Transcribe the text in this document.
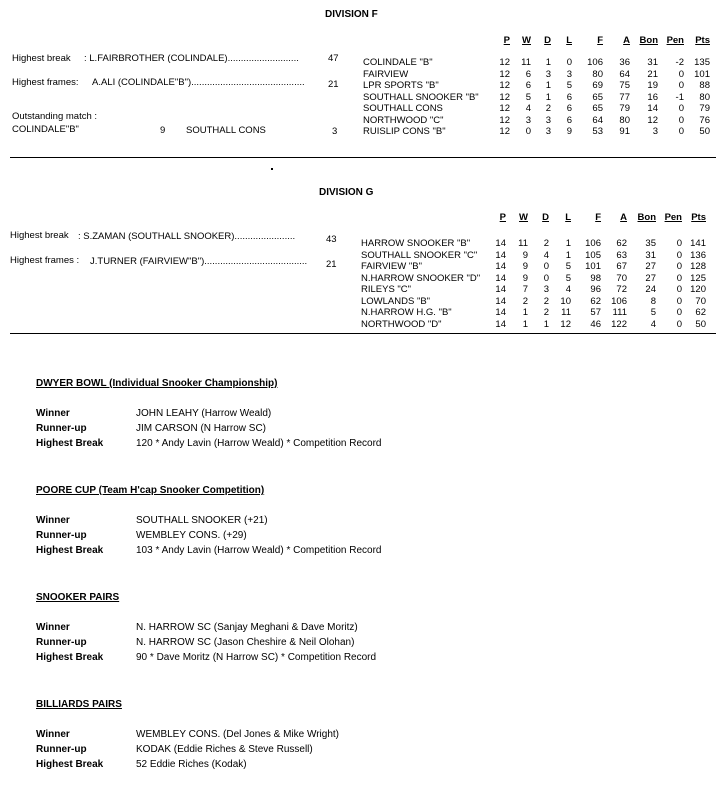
DIVISION F
Highest break : L.FAIRBROTHER (COLINDALE)...........................	47
Highest frames: A.ALI (COLINDALE"B")........................................... 21
Outstanding match :
COLINDALE"B"	9 SOUTHALL CONS	3
P	W	D	L	F	A	Bon Pen	Pts
COLINDALE "B"	12	11	1	0	106	36	31	-2	135
FAIRVIEW	12	6	3	3	80	64	21	0	101
LPR SPORTS "B"	12	6	1	5	69	75	19	0	88
SOUTHALL SNOOKER "B"	12	5	1	6	65	77	16	-1	80
SOUTHALL CONS	12	4	2	6	65	79	14	0	79
NORTHWOOD "C"	12	3	3	6	64	80	12	0	76
RUISLIP CONS "B"	12	0	3	9	53	91	3	0	50
DIVISION G
Highest break : S.ZAMAN (SOUTHALL SNOOKER).......................	43
Highest frames : J.TURNER (FAIRVIEW"B")....................................... 21
P	W	D	L	F	A	Bon Pen Pts
HARROW SNOOKER "B"	14	11	2	1	106	62	35	0 141
SOUTHALL SNOOKER "C"	14	9	4	1	105	63	31	0 136
FAIRVIEW "B"	14	9	0	5	101	67	27	0 128
N.HARROW SNOOKER "D"	14	9	0	5	98	70	27	0 125
RILEYS "C"	14	7	3	4	96	72	24	0 120
LOWLANDS "B"	14	2	2	10	62	106	8	0	70
N.HARROW H.G. "B"	14	1	2	11	57	111	5	0	62
NORTHWOOD "D"	14	1	1	12	46	122	4	0	50
DWYER BOWL (Individual Snooker Championship)
Winner	JOHN LEAHY (Harrow Weald)
Runner-up	JIM CARSON (N Harrow SC)
Highest Break	120 * Andy Lavin (Harrow Weald) * Competition Record
POORE CUP (Team H'cap Snooker Competition)
Winner	SOUTHALL SNOOKER (+21)
Runner-up	WEMBLEY CONS. (+29)
Highest Break	103 * Andy Lavin (Harrow Weald) * Competition Record
SNOOKER PAIRS
Winner	N. HARROW SC (Sanjay Meghani & Dave Moritz)
Runner-up	N. HARROW SC (Jason Cheshire & Neil Olohan)
Highest Break	90 * Dave Moritz (N Harrow SC) * Competition Record
BILLIARDS PAIRS
Winner	WEMBLEY CONS. (Del Jones & Mike Wright)
Runner-up	KODAK (Eddie Riches & Steve Russell)
Highest Break	52 Eddie Riches (Kodak)
